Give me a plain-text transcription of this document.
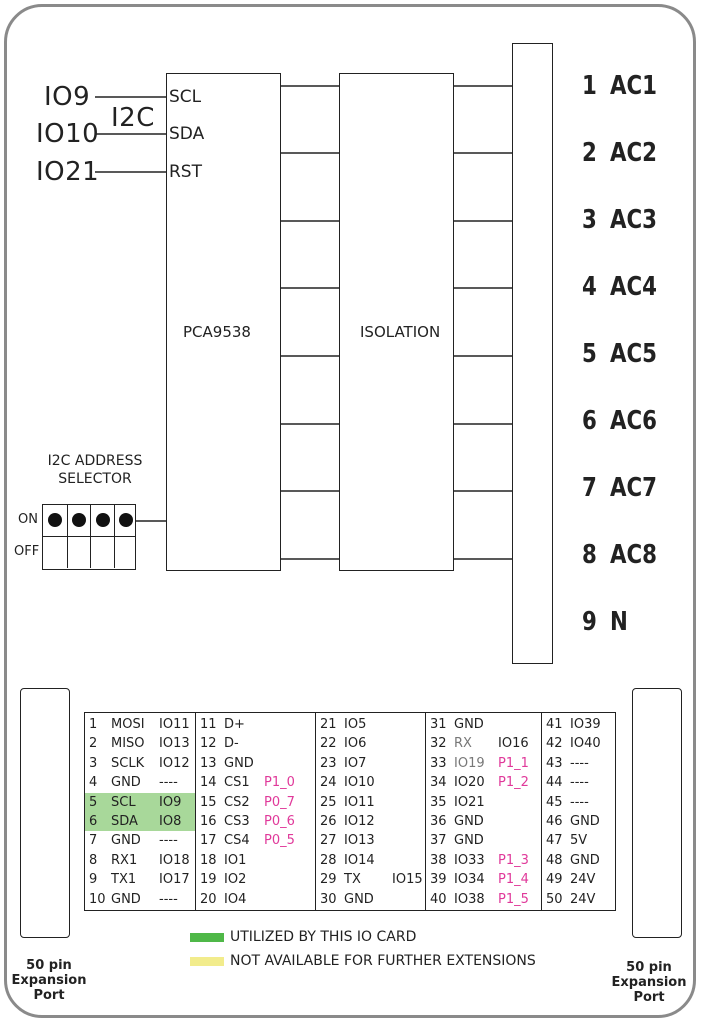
IO9
IO10
IO21
I2C
SCL
SDA
RST
PCA9538	ISOLATION
1 AC1
2 AC2
3 AC3
4 AC4
5 AC5
6 AC6
7 AC7
8 AC8
9 N
I2C ADDRESS
SELECTOR
ON
OFF
50 pin
Expansion
Port
50 pin
Expansion
Port
1 MOSI IO11
2 MISO IO13
3 SCLK IO12
4 GND ----
5 SCL IO9
6 SDA IO8
7 GND ----
8 RX1 IO18
9 TX1 IO17
10 GND ----
11 D+
12 D-
13 GND
14 CS1 P1_0
15 CS2 P0_7
16 CS3 P0_6
17 CS4 P0_5
18 IO1
19 IO2
20 IO4
21 IO5
22 IO6
23 IO7
24 IO10
25 IO11
26 IO12
27 IO13
28 IO14
29 TX IO15
30 GND
31 GND
32 RX IO16
33 IO19 P1_1
34 IO20 P1_2
35 IO21
36 GND
37 GND
38 IO33 P1_3
39 IO34 P1_4
40 IO38 P1_5
41 IO39
42 IO40
43 ----
44 ----
45 ----
46 GND
47 5V
48 GND
49 24V
50 24V
UTILIZED BY THIS IO CARD
NOT AVAILABLE FOR FURTHER EXTENSIONS
